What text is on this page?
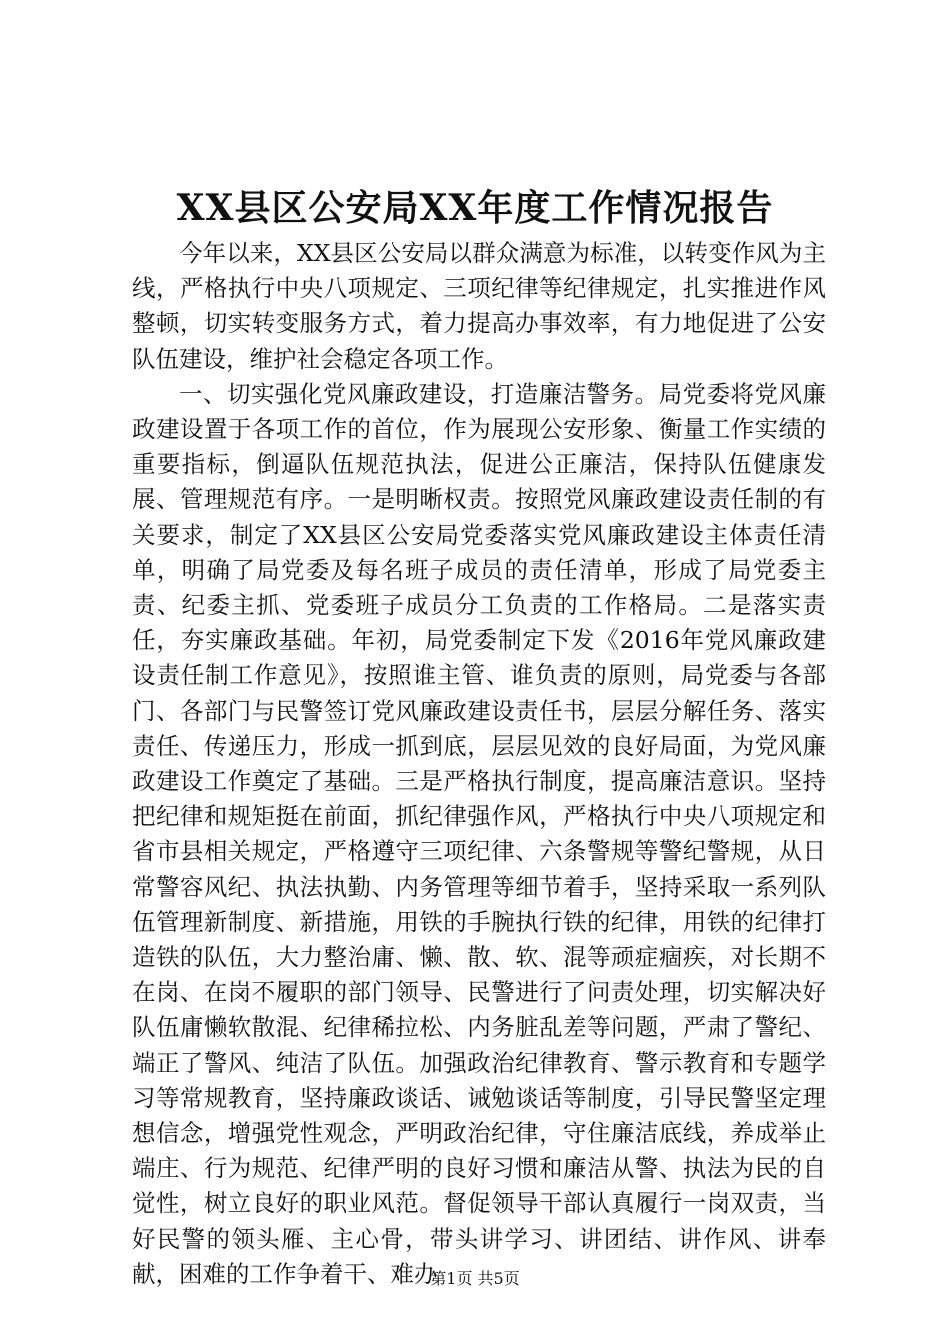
XX县区公安局XX年度工作情况报告

今年以来，XX县区公安局以群众满意为标准，以转变作风为主线，严格执行中央八项规定、三项纪律等纪律规定，扎实推进作风整顿，切实转变服务方式，着力提高办事效率，有力地促进了公安队伍建设，维护社会稳定各项工作。

一、切实强化党风廉政建设，打造廉洁警务。局党委将党风廉政建设置于各项工作的首位，作为展现公安形象、衡量工作实绩的重要指标，倒逼队伍规范执法，促进公正廉洁，保持队伍健康发展、管理规范有序。一是明晰权责。按照党风廉政建设责任制的有关要求，制定了XX县区公安局党委落实党风廉政建设主体责任清单，明确了局党委及每名班子成员的责任清单，形成了局党委主责、纪委主抓、党委班子成员分工负责的工作格局。二是落实责任，夯实廉政基础。年初，局党委制定下发《2016年党风廉政建设责任制工作意见》，按照谁主管、谁负责的原则，局党委与各部门、各部门与民警签订党风廉政建设责任书，层层分解任务、落实责任、传递压力，形成一抓到底，层层见效的良好局面，为党风廉政建设工作奠定了基础。三是严格执行制度，提高廉洁意识。坚持把纪律和规矩挺在前面，抓纪律强作风，严格执行中央八项规定和省市县相关规定，严格遵守三项纪律、六条警规等警纪警规，从日常警容风纪、执法执勤、内务管理等细节着手，坚持采取一系列队伍管理新制度、新措施，用铁的手腕执行铁的纪律，用铁的纪律打造铁的队伍，大力整治庸、懒、散、软、混等顽症痼疾，对长期不在岗、在岗不履职的部门领导、民警进行了问责处理，切实解决好队伍庸懒软散混、纪律稀拉松、内务脏乱差等问题，严肃了警纪、端正了警风、纯洁了队伍。加强政治纪律教育、警示教育和专题学习等常规教育，坚持廉政谈话、诫勉谈话等制度，引导民警坚定理想信念，增强党性观念，严明政治纪律，守住廉洁底线，养成举止端庄、行为规范、纪律严明的良好习惯和廉洁从警、执法为民的自觉性，树立良好的职业风范。督促领导干部认真履行一岗双责，当好民警的领头雁、主心骨，带头讲学习、讲团结、讲作风、讲奉献，困难的工作争着干、难办

第1页 共5页
